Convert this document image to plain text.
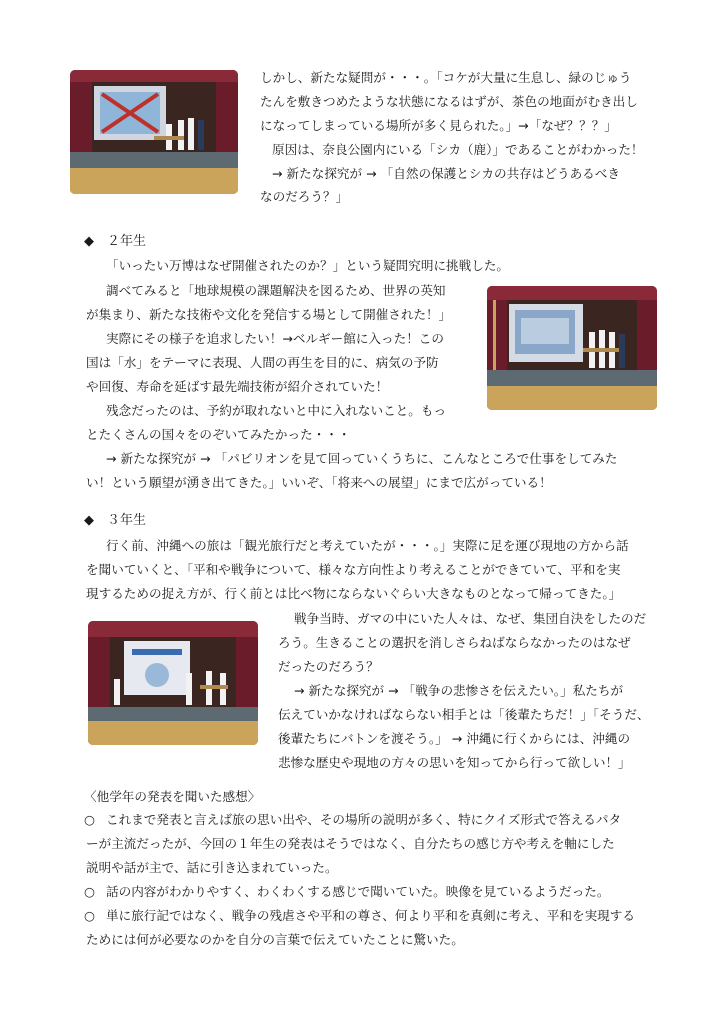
しかし、新たな疑問が・・・。「コケが大量に生息し、緑のじゅう
たんを敷きつめたような状態になるはずが、茶色の地面がむき出し
になってしまっている場所が多く見られた。」→「なぜ？？？」
原因は、奈良公園内にいる「シカ（鹿）」であることがわかった！
→ 新たな探究が → 「自然の保護とシカの共存はどうあるべき
なのだろう？」
◆　２年生
「いったい万博はなぜ開催されたのか？」という疑問究明に挑戦した。
調べてみると「地球規模の課題解決を図るため、世界の英知
が集まり、新たな技術や文化を発信する場として開催された！」
実際にその様子を追求したい！→ベルギー館に入った！この
国は「水」をテーマに表現、人間の再生を目的に、病気の予防
や回復、寿命を延ばす最先端技術が紹介されていた！
残念だったのは、予約が取れないと中に入れないこと。もっ
とたくさんの国々をのぞいてみたかった・・・
→ 新たな探究が → 「パビリオンを見て回っていくうちに、こんなところで仕事をしてみた
い！という願望が湧き出てきた。」いいぞ、「将来への展望」にまで広がっている！
◆　３年生
行く前、沖縄への旅は「観光旅行だと考えていたが・・・。」実際に足を運び現地の方から話
を聞いていくと、「平和や戦争について、様々な方向性より考えることができていて、平和を実
現するための捉え方が、行く前とは比べ物にならないぐらい大きなものとなって帰ってきた。」
戦争当時、ガマの中にいた人々は、なぜ、集団自決をしたのだ
ろう。生きることの選択を消しさらねばならなかったのはなぜ
だったのだろう？
→ 新たな探究が → 「戦争の悲惨さを伝えたい。」私たちが
伝えていかなければならない相手とは「後輩たちだ！」「そうだ、
後輩たちにバトンを渡そう。」 → 沖縄に行くからには、沖縄の
悲惨な歴史や現地の方々の思いを知ってから行って欲しい！」
〈他学年の発表を聞いた感想〉
○ これまで発表と言えば旅の思い出や、その場所の説明が多く、特にクイズ形式で答えるパタ
ーが主流だったが、今回の１年生の発表はそうではなく、自分たちの感じ方や考えを軸にした
説明や話が主で、話に引き込まれていった。
○ 話の内容がわかりやすく、わくわくする感じで聞いていた。映像を見ているようだった。
○ 単に旅行記ではなく、戦争の残虐さや平和の尊さ、何より平和を真剣に考え、平和を実現する
ためには何が必要なのかを自分の言葉で伝えていたことに驚いた。
